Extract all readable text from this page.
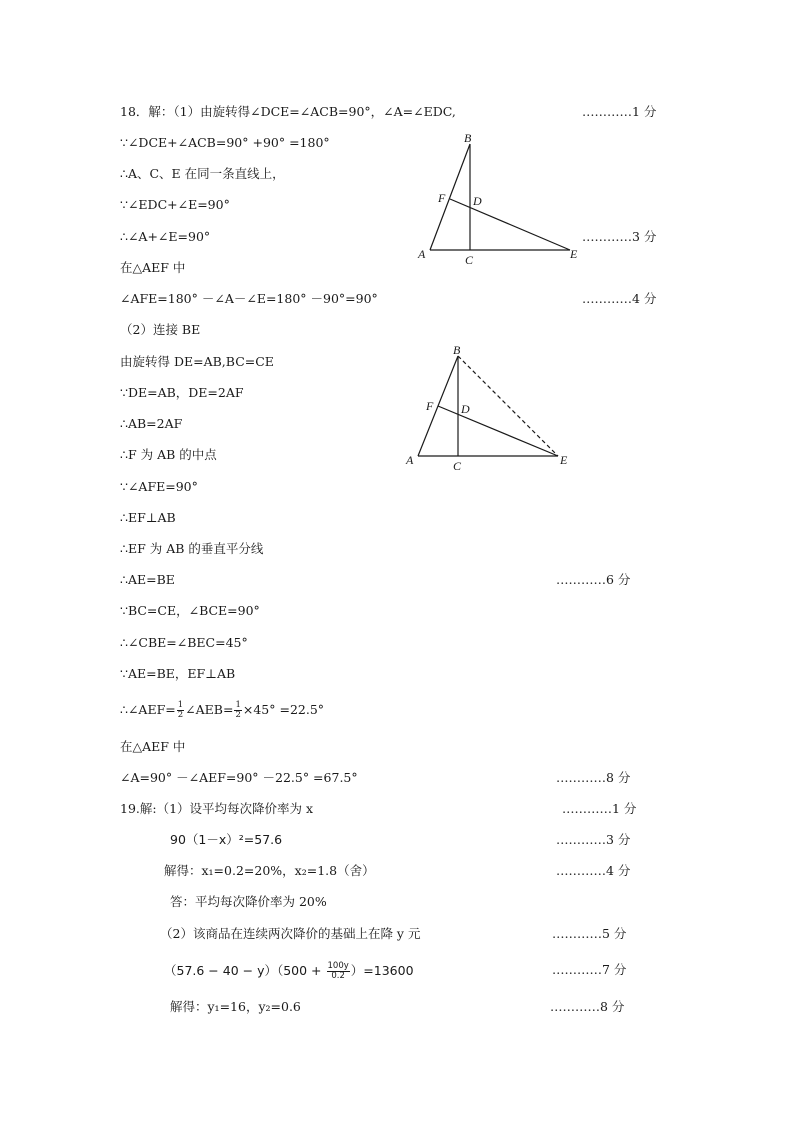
18．解：（1）由旋转得∠DCE=∠ACB=90°，∠A=∠EDC,
∵∠DCE+∠ACB=90° +90° =180°
∴A、C、E 在同一条直线上，
∵∠EDC+∠E=90°
∴∠A+∠E=90°
在△AEF 中
∠AFE=180° －∠A－∠E=180° －90°=90°
（2）连接 BE
由旋转得 DE=AB,BC=CE
∵DE=AB，DE=2AF
∴AB=2AF
∴F 为 AB 的中点
∵∠AFE=90°
∴EF⊥AB
∴EF 为 AB 的垂直平分线
∴AE=BE
∵BC=CE，∠BCE=90°
∴∠CBE=∠BEC=45°
∵AE=BE，EF⊥AB
∴∠AEF= $\frac{1}{2}$ ∠AEB= $\frac{1}{2} \times 45^\circ =22.5^\circ$
在△AEF 中
∠A=90° －∠AEF=90° －22.5° =67.5°
…………1 分
…………3 分
…………4 分
…………6 分
…………8 分
B
F D
A	C	E
B
F D
A	C	E
19.解:（1）设平均每次降价率为 x
90（1－x）²=57.6
解得：x₁=0.2=20%，x₂=1.8（舍）
答：平均每次降价率为 20%
（2）该商品在连续两次降价的基础上在降 y 元
$(57.6 - 40 - y)(500 + \frac{100y}{0.2} )=13600$
解得：y₁=16，y₂=0.6
…………1 分
…………3 分
…………4 分
…………5 分
…………7 分
…………8 分
